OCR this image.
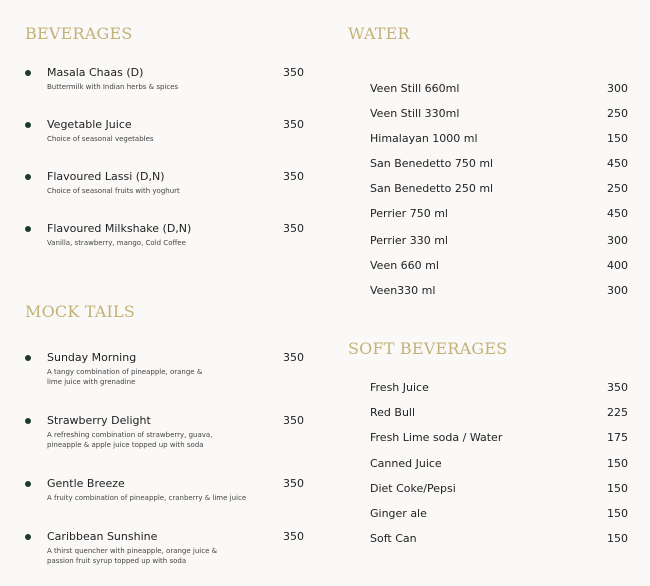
BEVERAGES
Masala Chaas (D)	350
Buttermilk with Indian herbs & spices
Vegetable Juice	350
Choice of seasonal vegetables
Flavoured Lassi (D,N)	350
Choice of seasonal fruits with yoghurt
Flavoured Milkshake (D,N)	350
Vanilla, strawberry, mango, Cold Coffee
MOCK TAILS
Sunday Morning	350
A tangy combination of pineapple, orange & lime juice with grenadine
Strawberry Delight	350
A refreshing combination of strawberry, guava, pineapple & apple juice topped up with soda
Gentle Breeze	350
A fruity combination of pineapple, cranberry & lime juice
Caribbean Sunshine	350
A thirst quencher with pineapple, orange juice & passion fruit syrup topped up with soda
WATER
Veen Still 660ml	300
Veen Still 330ml	250
Himalayan 1000 ml	150
San Benedetto 750 ml	450
San Benedetto 250 ml	250
Perrier 750 ml	450
Perrier 330 ml	300
Veen 660 ml	400
Veen330 ml	300
SOFT BEVERAGES
Fresh Juice	350
Red Bull	225
Fresh Lime soda / Water	175
Canned Juice	150
Diet Coke/Pepsi	150
Ginger ale	150
Soft Can	150
